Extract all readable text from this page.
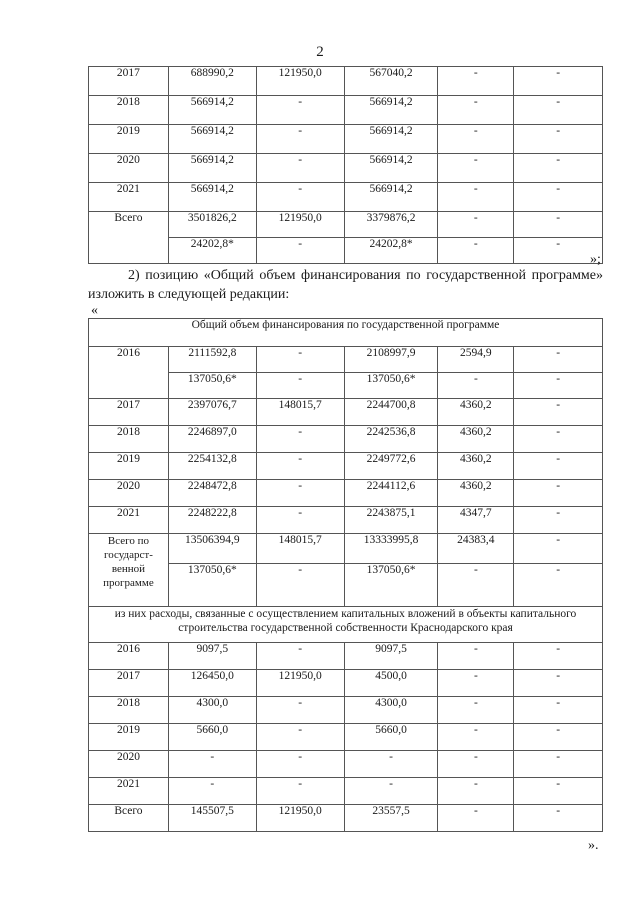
2
2017	688990,2	121950,0	567040,2	-	-
2018	566914,2	-	566914,2	-	-
2019	566914,2	-	566914,2	-	-
2020	566914,2	-	566914,2	-	-
2021	566914,2	-	566914,2	-	-
Всего	3501826,2	121950,0	3379876,2	-	-
	24202,8*	-	24202,8*	-	-
»;
2) позицию «Общий объем финансирования по государственной программе» изложить в следующей редакции:
«
Общий объем финансирования по государственной программе					
2016	2111592,8	-	2108997,9	2594,9	-
	137050,6*	-	137050,6*	-	-
2017	2397076,7	148015,7	2244700,8	4360,2	-
2018	2246897,0	-	2242536,8	4360,2	-
2019	2254132,8	-	2249772,6	4360,2	-
2020	2248472,8	-	2244112,6	4360,2	-
2021	2248222,8	-	2243875,1	4347,7	-
Всего по государст-венной программе	13506394,9	148015,7	13333995,8	24383,4	-
	137050,6*	-	137050,6*	-	-
из них расходы, связанные с осуществлением капитальных вложений в объекты капитального строительства государственной собственности Краснодарского края					
2016	9097,5	-	9097,5	-	-
2017	126450,0	121950,0	4500,0	-	-
2018	4300,0	-	4300,0	-	-
2019	5660,0	-	5660,0	-	-
2020	-	-	-	-	-
2021	-	-	-	-	-
Всего	145507,5	121950,0	23557,5	-	-
».
